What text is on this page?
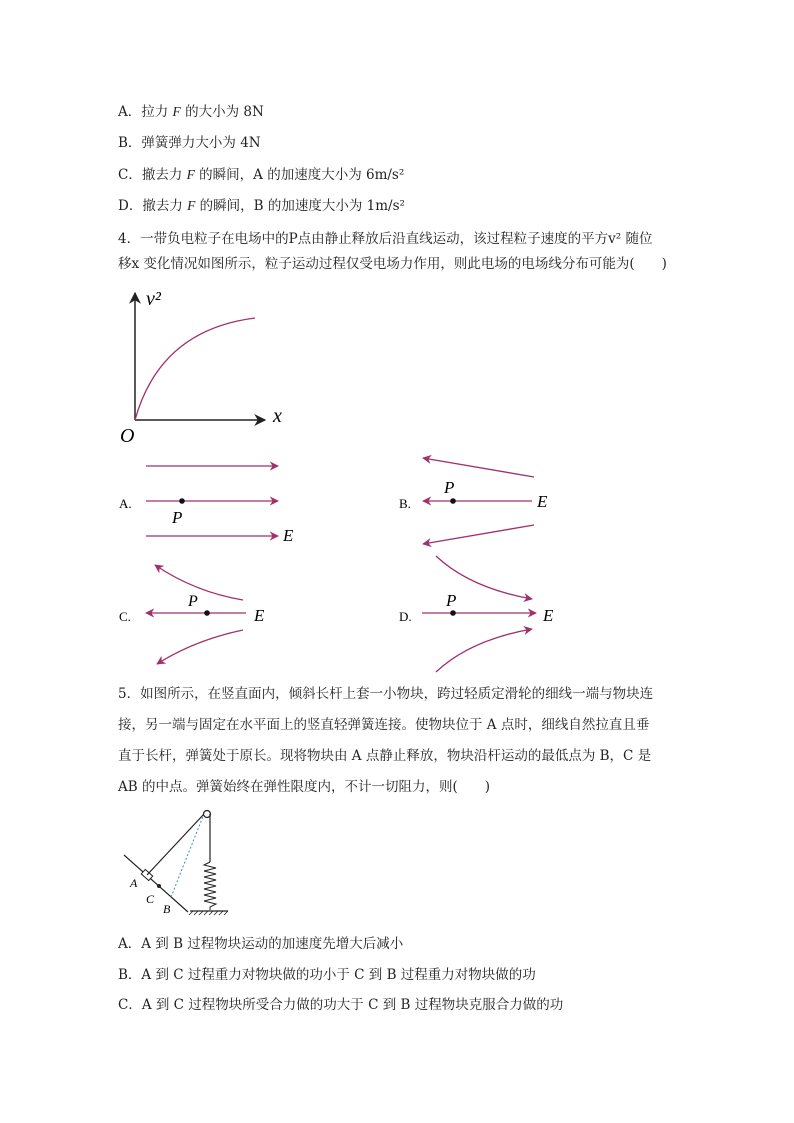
A．拉力 F 的大小为 8N
B．弹簧弹力大小为 4N
C．撤去力 F 的瞬间，A 的加速度大小为 6m/s²
D．撤去力 F 的瞬间，B 的加速度大小为 1m/s²
4．一带负电粒子在电场中的P点由静止释放后沿直线运动，该过程粒子速度的平方v² 随位
移x 变化情况如图所示，粒子运动过程仅受电场力作用，则此电场的电场线分布可能为(　　)
v²
x
O
A.
P
E
B.
P
E
C.
P
E	D.
P
E
A
C
B
5．如图所示，在竖直面内，倾斜长杆上套一小物块，跨过轻质定滑轮的细线一端与物块连
接，另一端与固定在水平面上的竖直轻弹簧连接。使物块位于 A 点时，细线自然拉直且垂
直于长杆，弹簧处于原长。现将物块由 A 点静止释放，物块沿杆运动的最低点为 B，C 是
AB 的中点。弹簧始终在弹性限度内，不计一切阻力，则(　　)
A．A 到 B 过程物块运动的加速度先增大后减小
B．A 到 C 过程重力对物块做的功小于 C 到 B 过程重力对物块做的功
C．A 到 C 过程物块所受合力做的功大于 C 到 B 过程物块克服合力做的功
